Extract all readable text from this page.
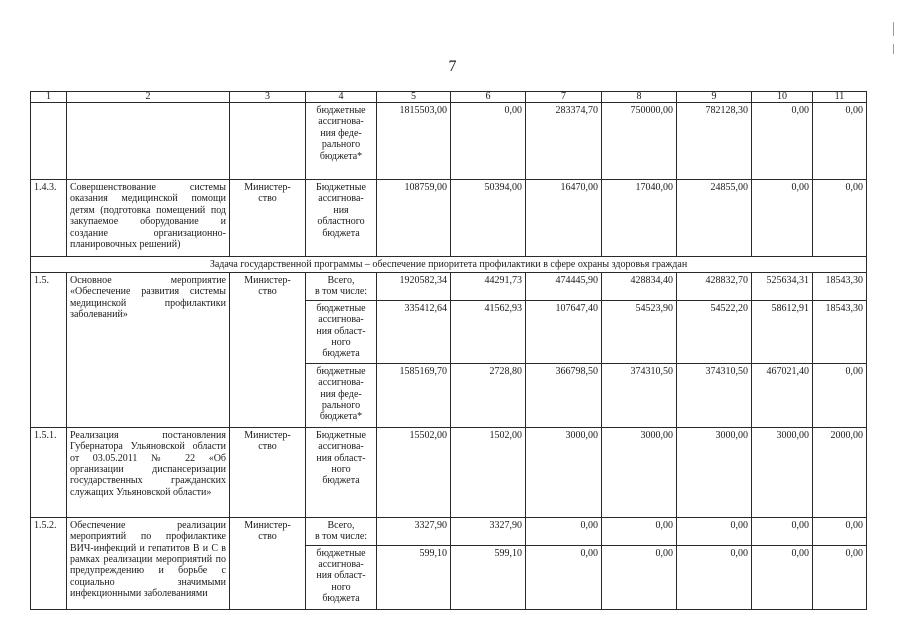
7
1	2	3	4	5	6	7	8	9	10	11
			бюджетные
ассигнова-
ния феде-
рального
бюджета*	1815503,00	0,00	283374,70	750000,00	782128,30	0,00	0,00
1.4.3.	Совершенствование системы оказания медицинской помощи детям (подготовка помещений под закупаемое оборудование и создание организационно-планировочных решений)	Министер-
ство	Бюджетные
ассигнова-
ния
областного
бюджета	108759,00	50394,00	16470,00	17040,00	24855,00	0,00	0,00
Задача государственной программы – обеспечение приоритета профилактики в сфере охраны здоровья граждан										
1.5.	Основное мероприятие «Обеспечение развития системы медицинской профилактики заболеваний»	Министер-
ство	Всего,
в том числе:	1920582,34	44291,73	474445,90	428834,40	428832,70	525634,31	18543,30
			бюджетные
ассигнова-
ния област-
ного
бюджета	335412,64	41562,93	107647,40	54523,90	54522,20	58612,91	18543,30
			бюджетные
ассигнова-
ния феде-
рального
бюджета*	1585169,70	2728,80	366798,50	374310,50	374310,50	467021,40	0,00
1.5.1.	Реализация постановления Губернатора Ульяновской области от 03.05.2011 № 22 «Об организации диспансеризации государственных гражданских служащих Ульяновской области»	Министер-
ство	Бюджетные
ассигнова-
ния област-
ного
бюджета	15502,00	1502,00	3000,00	3000,00	3000,00	3000,00	2000,00
1.5.2.	Обеспечение реализации мероприятий по профилактике ВИЧ-инфекций и гепатитов В и С в рамках реализации мероприятий по предупреждению и борьбе с социально значимыми инфекционными заболеваниями	Министер-
ство	Всего,
в том числе:	3327,90	3327,90	0,00	0,00	0,00	0,00	0,00
			бюджетные
ассигнова-
ния област-
ного
бюджета	599,10	599,10	0,00	0,00	0,00	0,00	0,00
